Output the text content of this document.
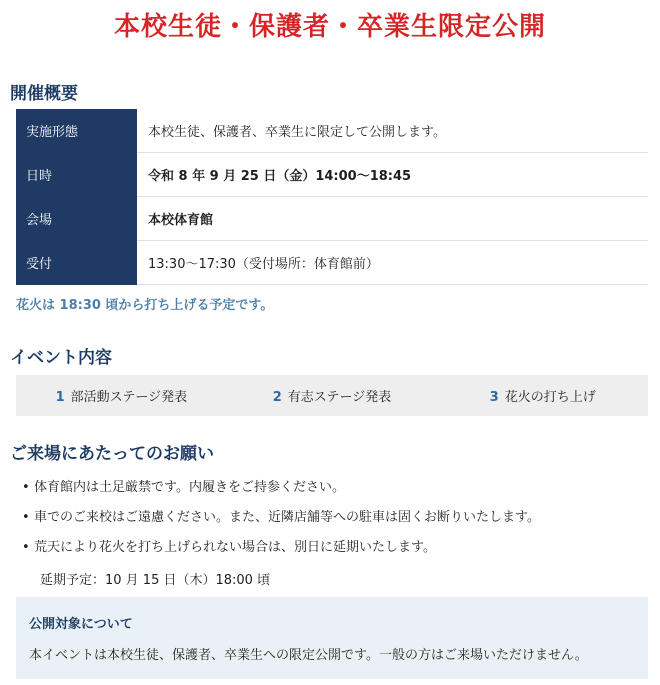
本校生徒・保護者・卒業生限定公開
開催概要
実施形態	本校生徒、保護者、卒業生に限定して公開します。
日時	令和 8 年 9 月 25 日（金）14:00〜18:45
会場	本校体育館
受付	13:30〜17:30（受付場所：体育館前）
花火は 18:30 頃から打ち上げる予定です。
イベント内容
1 部活動ステージ発表	2 有志ステージ発表	3 花火の打ち上げ
ご来場にあたってのお願い
• 体育館内は土足厳禁です。内履きをご持参ください。
• 車でのご来校はご遠慮ください。また、近隣店舗等への駐車は固くお断りいたします。
• 荒天により花火を打ち上げられない場合は、別日に延期いたします。
延期予定：10 月 15 日（木）18:00 頃
公開対象について
本イベントは本校生徒、保護者、卒業生への限定公開です。一般の方はご来場いただけません。
